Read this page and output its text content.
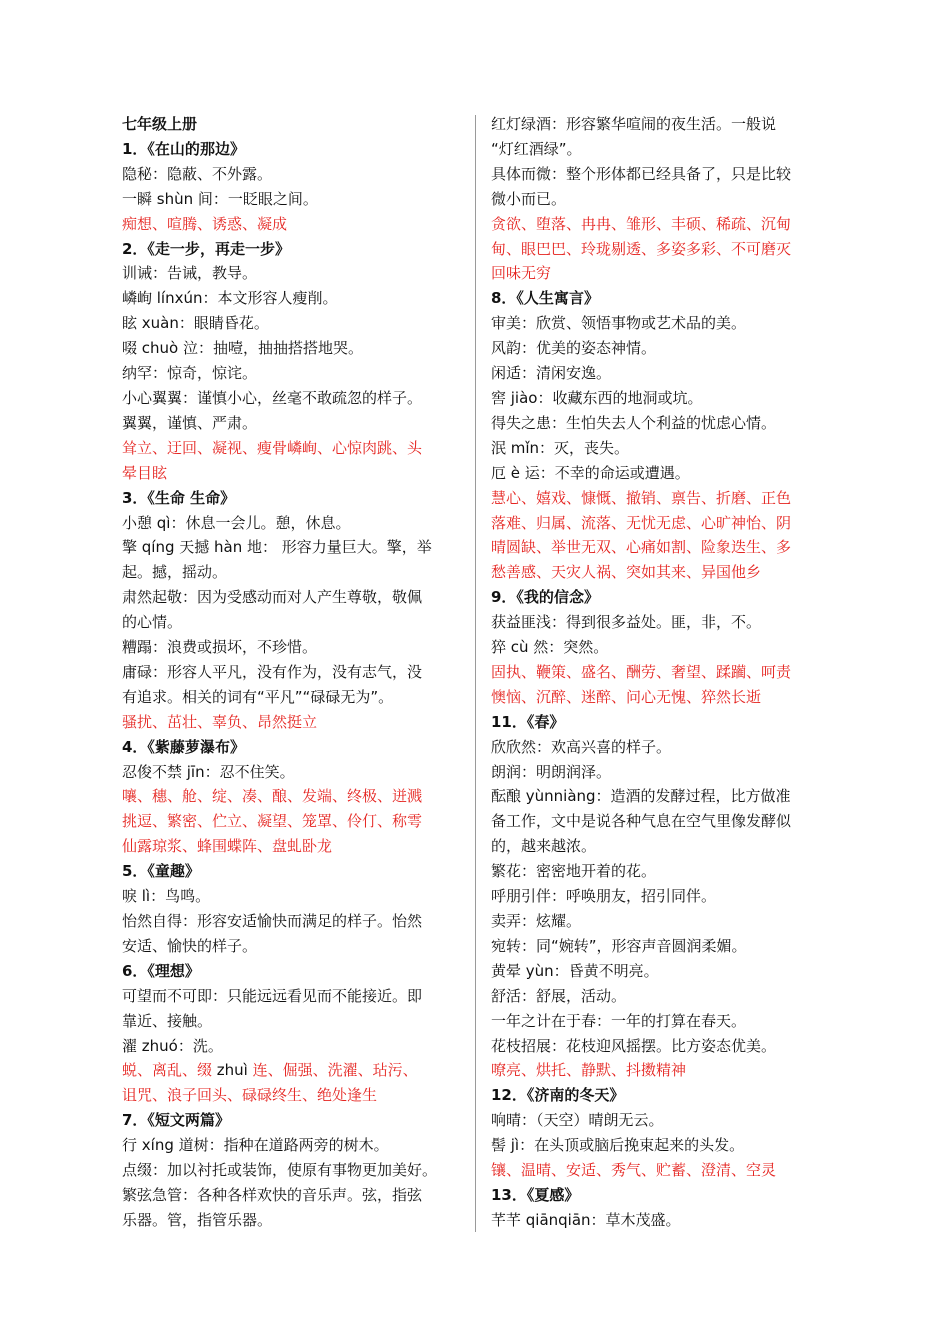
七年级上册
1．《在山的那边》
隐秘：隐蔽、不外露。
一瞬 shùn 间：一眨眼之间。
痴想、喧腾、诱惑、凝成
2．《走一步，再走一步》
训诫：告诫，教导。
嶙峋 línxún：本文形容人瘦削。
眩 xuàn：眼睛昏花。
啜 chuò 泣：抽噎，抽抽搭搭地哭。
纳罕：惊奇，惊诧。
小心翼翼：谨慎小心，丝毫不敢疏忽的样子。
翼翼，谨慎、严肃。
耸立、迂回、凝视、瘦骨嶙峋、心惊肉跳、头
晕目眩
3．《生命 生命》
小憩 qì：休息一会儿。憩，休息。
擎 qíng 天撼 hàn 地： 形容力量巨大。擎，举
起。撼，摇动。
肃然起敬：因为受感动而对人产生尊敬，敬佩
的心情。
糟蹋：浪费或损坏，不珍惜。
庸碌：形容人平凡，没有作为，没有志气，没
有追求。相关的词有“平凡”“碌碌无为”。
骚扰、茁壮、辜负、昂然挺立
4．《紫藤萝瀑布》
忍俊不禁 jīn：忍不住笑。
嚷、穗、舱、绽、凑、酿、发端、终极、迸溅
挑逗、繁密、伫立、凝望、笼罩、伶仃、称雩
仙露琼浆、蜂围蝶阵、盘虬卧龙
5．《童趣》
唳 lì：鸟鸣。
怡然自得：形容安适愉快而满足的样子。怡然
安适、愉快的样子。
6．《理想》
可望而不可即：只能远远看见而不能接近。即
靠近、接触。
濯 zhuó：洗。
蜕、离乱、缀 zhuì 连、倔强、洗濯、玷污、
诅咒、浪子回头、碌碌终生、绝处逢生
7．《短文两篇》
行 xíng 道树：指种在道路两旁的树木。
点缀：加以衬托或装饰，使原有事物更加美好。
繁弦急管：各种各样欢快的音乐声。弦，指弦
乐器。管，指管乐器。
红灯绿酒：形容繁华喧闹的夜生活。一般说
“灯红酒绿”。
具体而微：整个形体都已经具备了，只是比较
微小而已。
贪欲、堕落、冉冉、雏形、丰硕、稀疏、沉甸
甸、眼巴巴、玲珑剔透、多姿多彩、不可磨灭
回味无穷
8．《人生寓言》
审美：欣赏、领悟事物或艺术品的美。
风韵：优美的姿态神情。
闲适：清闲安逸。
窖 jiào：收藏东西的地洞或坑。
得失之患：生怕失去人个利益的忧虑心情。
泯 mǐn：灭，丧失。
厄 è 运：不幸的命运或遭遇。
慧心、嬉戏、慷慨、撤销、禀告、折磨、正色
落难、归属、流落、无忧无虑、心旷神怡、阴
晴圆缺、举世无双、心痛如割、险象迭生、多
愁善感、天灾人祸、突如其来、异国他乡
9．《我的信念》
获益匪浅：得到很多益处。匪，非，不。
猝 cù 然：突然。
固执、鞭策、盛名、酬劳、奢望、蹂躏、呵责
懊恼、沉醉、迷醉、问心无愧、猝然长逝
11．《春》
欣欣然：欢高兴喜的样子。
朗润：明朗润泽。
酝酿 yùnniàng：造酒的发酵过程，比方做准
备工作，文中是说各种气息在空气里像发酵似
的，越来越浓。
繁花：密密地开着的花。
呼朋引伴：呼唤朋友，招引同伴。
卖弄：炫耀。
宛转：同“婉转”，形容声音圆润柔媚。
黄晕 yùn：昏黄不明亮。
舒活：舒展，活动。
一年之计在于春：一年的打算在春天。
花枝招展：花枝迎风摇摆。比方姿态优美。
嘹亮、烘托、静默、抖擞精神
12．《济南的冬天》
响晴：（天空）晴朗无云。
髻 jì：在头顶或脑后挽束起来的头发。
镶、温晴、安适、秀气、贮蓄、澄清、空灵
13．《夏感》
芊芊 qiānqiān：草木茂盛。
